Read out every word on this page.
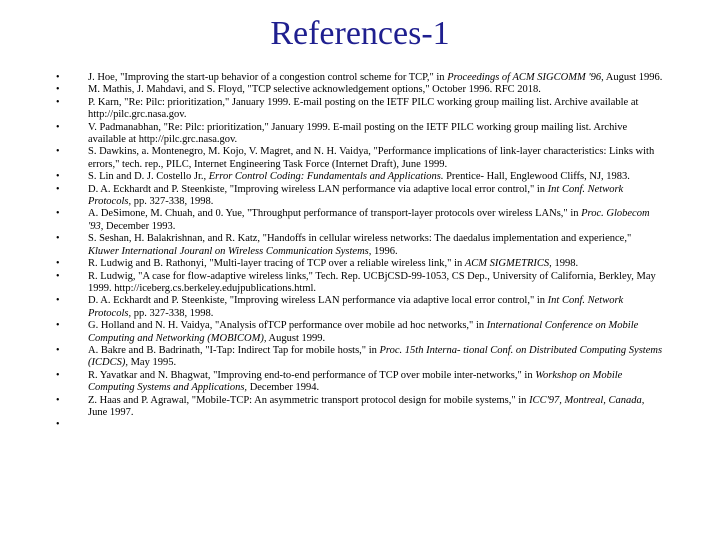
References-1
• J. Hoe, "Improving the start-up behavior of a congestion control scheme for TCP," in Proceedings of ACM SIGCOMM '96, August 1996.
• M. Mathis, J. Mahdavi, and S. Floyd, "TCP selective acknowledgement options," October 1996. RFC 2018.
• P. Karn, "Re: Pilc: prioritization," January 1999. E-mail posting on the IETF PILC working group mailing list. Archive available at http://pilc.grc.nasa.gov.
• V. Padmanabhan, "Re: Pilc: prioritization," January 1999. E-mail posting on the IETF PILC working group mailing list. Archive available at http://pilc.grc.nasa.gov.
• S. Dawkins, a. Montenegro, M. Kojo, V. Magret, and N. H. Vaidya, "Performance implications of link-layer characteristics: Links with errors," tech. rep., PILC, Internet Engineering Task Force (Internet Draft), June 1999.
• S. Lin and D. J. Costello Jr., Error Control Coding: Fundamentals and Applications. Prentice- Hall, Englewood Cliffs, NJ, 1983.
• D. A. Eckhardt and P. Steenkiste, "Improving wireless LAN performance via adaptive local error control," in Int Conf. Network Protocols, pp. 327-338, 1998.
• A. DeSimone, M. Chuah, and 0. Yue, "Throughput performance of transport-layer protocols over wireless LANs," in Proc. Globecom '93, December 1993.
• S. Seshan, H. Balakrishnan, and R. Katz, "Handoffs in cellular wireless networks: The daedalus implementation and experience," Kluwer International Jouranl on Wireless Communication Systems, 1996.
• R. Ludwig and B. Rathonyi, "Multi-layer tracing of TCP over a reliable wireless link," in ACM SIGMETRICS, 1998.
• R. Ludwig, "A case for flow-adaptive wireless links," Tech. Rep. UCBjCSD-99-1053, CS Dep., University of California, Berkley, May 1999. http://iceberg.cs.berkeley.edujpublications.html.
• D. A. Eckhardt and P. Steenkiste, "Improving wireless LAN performance via adaptive local error control," in Int Conf. Network Protocols, pp. 327-338, 1998.
• G. Holland and N. H. Vaidya, "Analysis ofTCP performance over mobile ad hoc networks," in International Conference on Mobile Computing and Networking (MOBICOM), August 1999.
• A. Bakre and B. Badrinath, "I-Tap: Indirect Tap for mobile hosts," in Proc. 15th Interna- tional Conf. on Distributed Computing Systems (ICDCS), May 1995.
• R. Yavatkar and N. Bhagwat, "Improving end-to-end performance of TCP over mobile inter-networks," in Workshop on Mobile Computing Systems and Applications, December 1994.
• Z. Haas and P. Agrawal, "Mobile-TCP: An asymmetric transport protocol design for mobile systems," in ICC'97, Montreal, Canada, June 1997.
